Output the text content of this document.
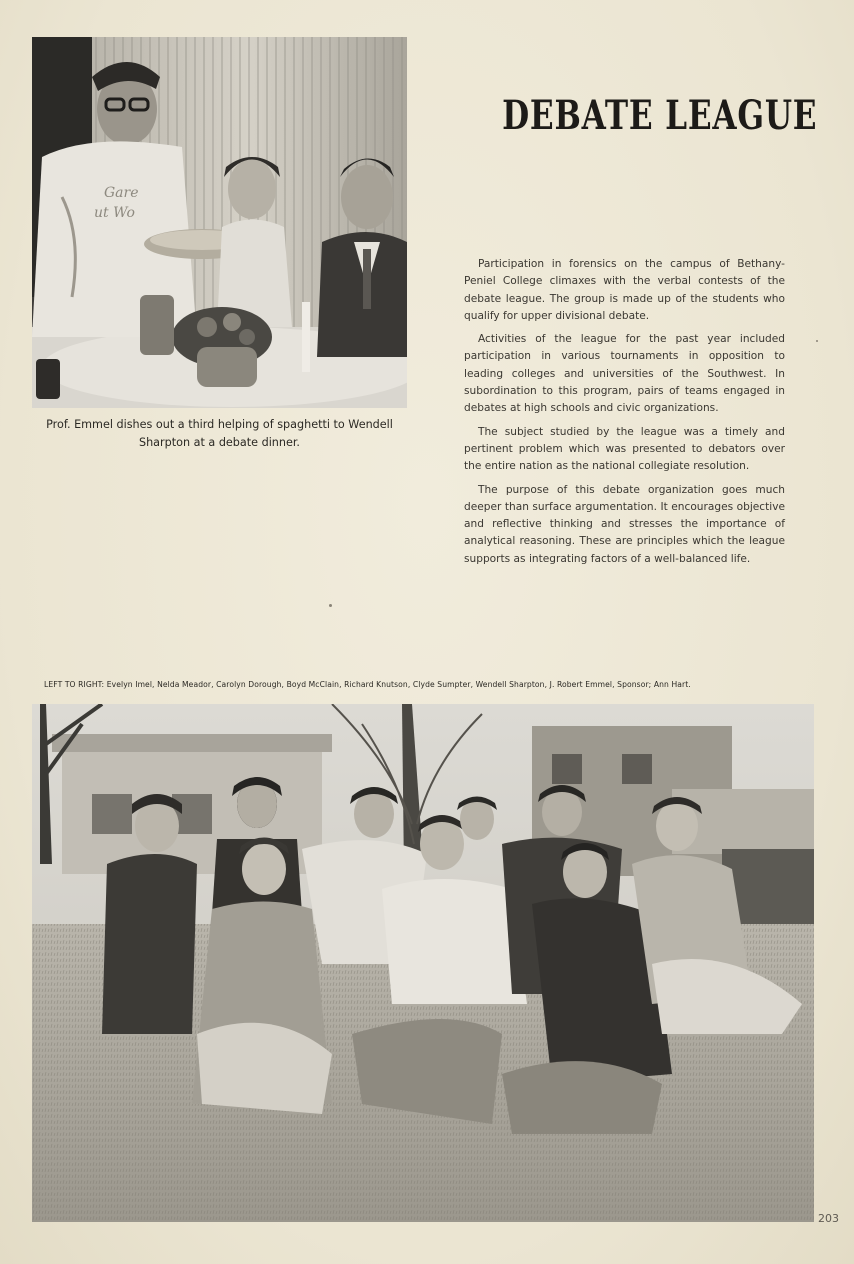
Gare
ut Wo
DEBATE LEAGUE
Prof. Emmel dishes out a third helping of spaghetti to Wendell Sharpton at a debate dinner.

Participation in forensics on the campus of Bethany-Peniel College climaxes with the verbal contests of the debate league. The group is made up of the students who qualify for upper divisional debate.

Activities of the league for the past year included participation in various tournaments in opposition to leading colleges and universities of the Southwest. In subordination to this program, pairs of teams engaged in debates at high schools and civic organizations.

The subject studied by the league was a timely and pertinent problem which was presented to debators over the entire nation as the national collegiate resolution.

The purpose of this debate organization goes much deeper than surface argumentation. It encourages objective and reflective thinking and stresses the importance of analytical reasoning. These are principles which the league supports as integrating factors of a well-balanced life.

LEFT TO RIGHT: Evelyn Imel, Nelda Meador, Carolyn Dorough, Boyd McClain, Richard Knutson, Clyde Sumpter, Wendell Sharpton, J. Robert Emmel, Sponsor; Ann Hart.
203
